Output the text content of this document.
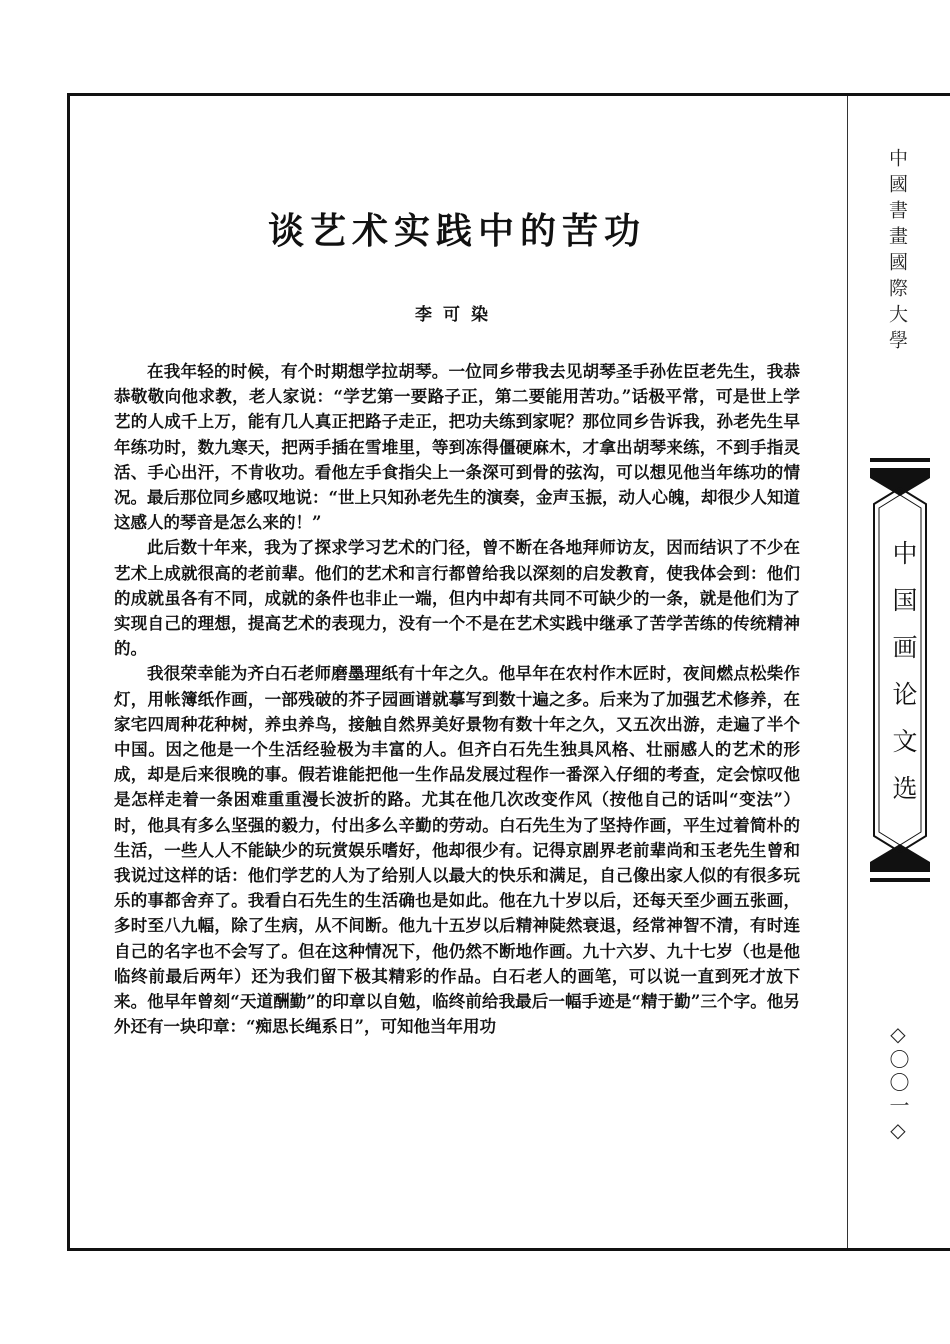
谈艺术实践中的苦功
李可染

在我年轻的时候，有个时期想学拉胡琴。一位同乡带我去见胡琴圣手孙佐臣老先生，我恭恭敬敬向他求教，老人家说：“学艺第一要路子正，第二要能用苦功。”话极平常，可是世上学艺的人成千上万，能有几人真正把路子走正，把功夫练到家呢？那位同乡告诉我，孙老先生早年练功时，数九寒天，把两手插在雪堆里，等到冻得僵硬麻木，才拿出胡琴来练，不到手指灵活、手心出汗，不肯收功。看他左手食指尖上一条深可到骨的弦沟，可以想见他当年练功的情况。最后那位同乡感叹地说：“世上只知孙老先生的演奏，金声玉振，动人心魄，却很少人知道这感人的琴音是怎么来的！”

此后数十年来，我为了探求学习艺术的门径，曾不断在各地拜师访友，因而结识了不少在艺术上成就很高的老前辈。他们的艺术和言行都曾给我以深刻的启发教育，使我体会到：他们的成就虽各有不同，成就的条件也非止一端，但内中却有共同不可缺少的一条，就是他们为了实现自己的理想，提高艺术的表现力，没有一个不是在艺术实践中继承了苦学苦练的传统精神的。

我很荣幸能为齐白石老师磨墨理纸有十年之久。他早年在农村作木匠时，夜间燃点松柴作灯，用帐簿纸作画，一部残破的芥子园画谱就摹写到数十遍之多。后来为了加强艺术修养，在家宅四周种花种树，养虫养鸟，接触自然界美好景物有数十年之久，又五次出游，走遍了半个中国。因之他是一个生活经验极为丰富的人。但齐白石先生独具风格、壮丽感人的艺术的形成，却是后来很晚的事。假若谁能把他一生作品发展过程作一番深入仔细的考查，定会惊叹他是怎样走着一条困难重重漫长波折的路。尤其在他几次改变作风（按他自己的话叫“变法”）时，他具有多么坚强的毅力，付出多么辛勤的劳动。白石先生为了坚持作画，平生过着简朴的生活，一些人人不能缺少的玩赏娱乐嗜好，他却很少有。记得京剧界老前辈尚和玉老先生曾和我说过这样的话：他们学艺的人为了给别人以最大的快乐和满足，自己像出家人似的有很多玩乐的事都舍弃了。我看白石先生的生活确也是如此。他在九十岁以后，还每天至少画五张画，多时至八九幅，除了生病，从不间断。他九十五岁以后精神陡然衰退，经常神智不清，有时连自己的名字也不会写了。但在这种情况下，他仍然不断地作画。九十六岁、九十七岁（也是他临终前最后两年）还为我们留下极其精彩的作品。白石老人的画笔，可以说一直到死才放下来。他早年曾刻“天道酬勤”的印章以自勉，临终前给我最后一幅手迹是“精于勤”三个字。他另外还有一块印章：“痴思长绳系日”，可知他当年用功

中國書畫國際大學
中国画论文选
◇〇〇一◇
